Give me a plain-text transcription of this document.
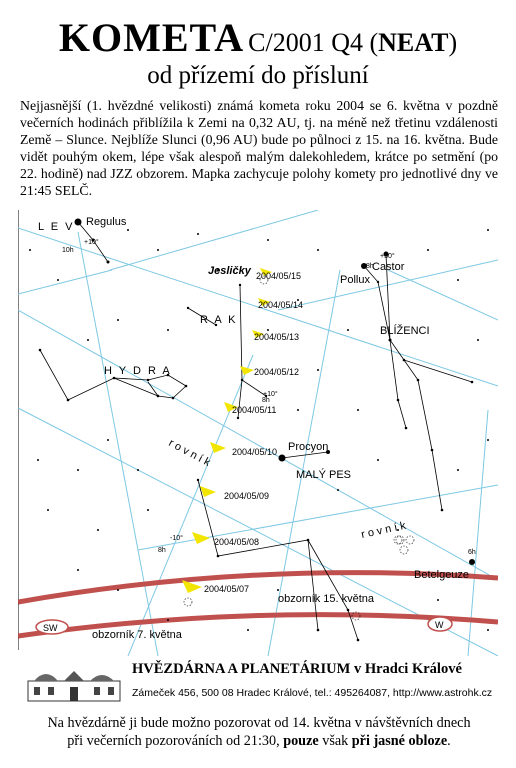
KOMETA C/2001 Q4 (NEAT)
od přízemí do přísluní
Nejjasnější (1. hvězdné velikosti) známá kometa roku 2004 se 6. května v pozdně večerních hodinách přiblížila k Zemi na 0,32 AU, tj. na méně než třetinu vzdálenosti Země – Slunce. Nejblíže Slunci (0,96 AU) bude po půlnoci z 15. na 16. května. Bude vidět pouhým okem, lépe však alespoň malým dalekohledem, krátce po setmění (po 22. hodině) nad JZZ obzorem. Mapka zachycuje polohy komety pro jednotlivé dny ve 21:45 SELČ.
2004/05/15
2004/05/14
2004/05/13
2004/05/12
2004/05/11
2004/05/10
2004/05/09
2004/05/08
2004/05/07
L E V Regulus
Castor
Pollux
Jesličky
R A K
BLÍŽENCI
H Y D R A
Procyon
MALÝ PES
Betelgeuze
obzorník 15. května
obzorník 7. května
r o v n í k
r o v n í k
10h
+10°
8h
+10°
8h
+30°
-10°
8h	6h
SW	W
HVĚZDÁRNA A PLANETÁRIUM v Hradci Králové
Zámeček 456, 500 08 Hradec Králové, tel.: 495264087, http://www.astrohk.cz
Na hvězdárně ji bude možno pozorovat od 14. května v návštěvních dnech
při večerních pozorováních od 21:30, pouze však při jasné obloze.
